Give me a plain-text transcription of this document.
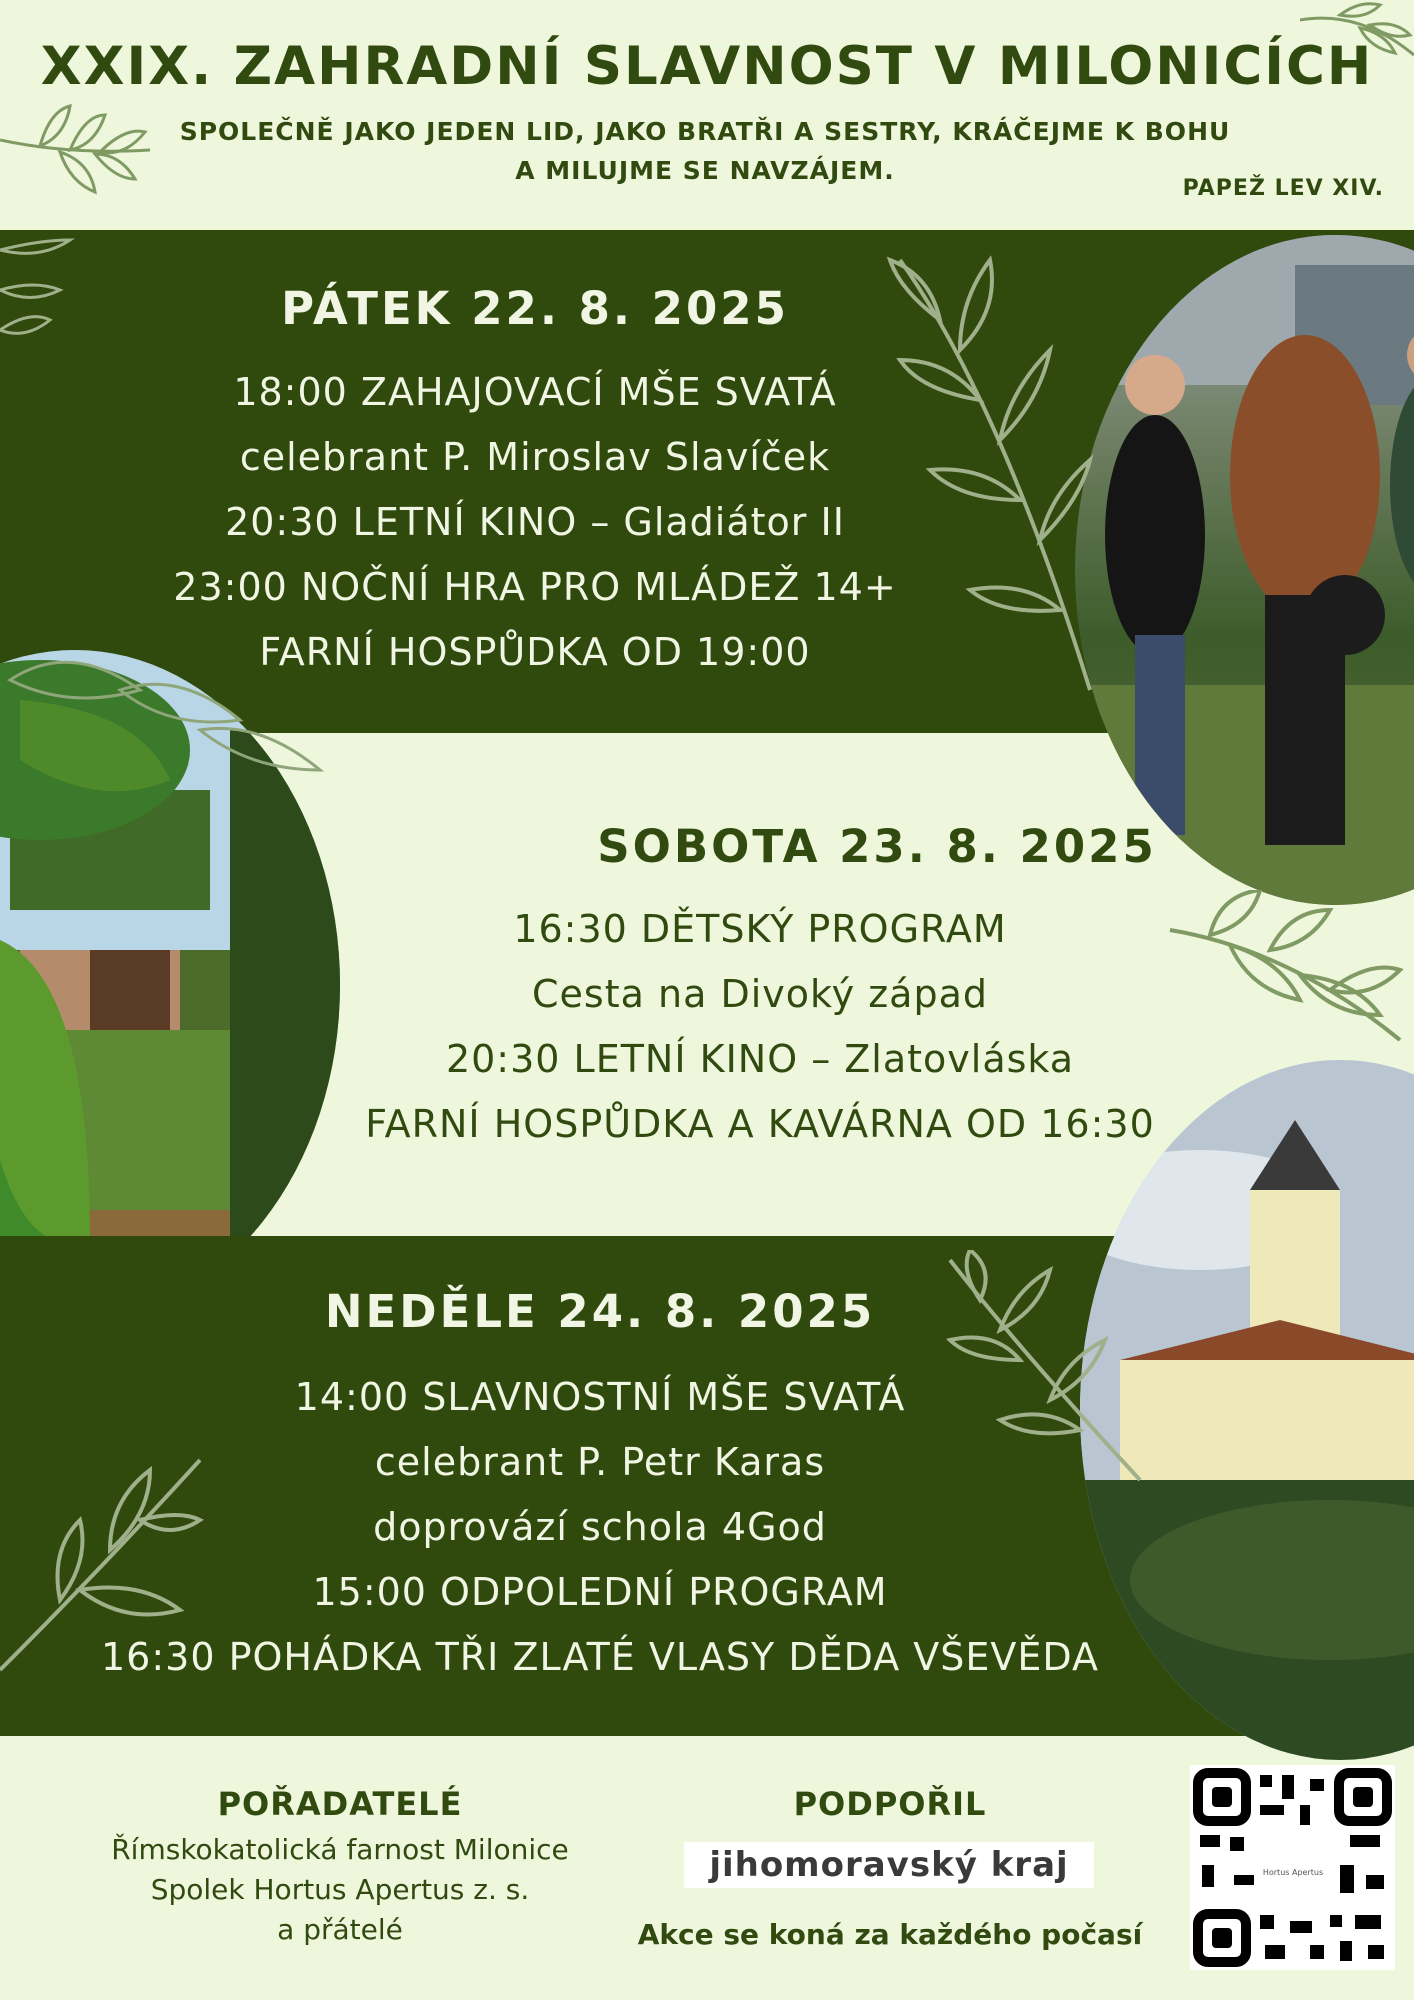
XXIX. ZAHRADNÍ SLAVNOST V MILONICÍCH
SPOLEČNĚ JAKO JEDEN LID, JAKO BRATŘI A SESTRY, KRÁČEJME K BOHU
A MILUJME SE NAVZÁJEM.
PAPEŽ LEV XIV.
PÁTEK 22. 8. 2025
18:00 ZAHAJOVACÍ MŠE SVATÁ
celebrant P. Miroslav Slavíček
20:30 LETNÍ KINO – Gladiátor II
23:00 NOČNÍ HRA PRO MLÁDEŽ 14+
FARNÍ HOSPŮDKA OD 19:00
SOBOTA 23. 8. 2025
16:30 DĚTSKÝ PROGRAM
Cesta na Divoký západ
20:30 LETNÍ KINO – Zlatovláska
FARNÍ HOSPŮDKA A KAVÁRNA OD 16:30
NEDĚLE 24. 8. 2025
14:00 SLAVNOSTNÍ MŠE SVATÁ
celebrant P. Petr Karas
doprovází schola 4God
15:00 ODPOLEDNÍ PROGRAM
16:30 POHÁDKA TŘI ZLATÉ VLASY DĚDA VŠEVĚDA
POŘADATELÉ
Římskokatolická farnost Milonice
Spolek Hortus Apertus z. s.
a přátelé
PODPOŘIL
jihomoravský kraj
Akce se koná za každého počasí
Hortus Apertus
